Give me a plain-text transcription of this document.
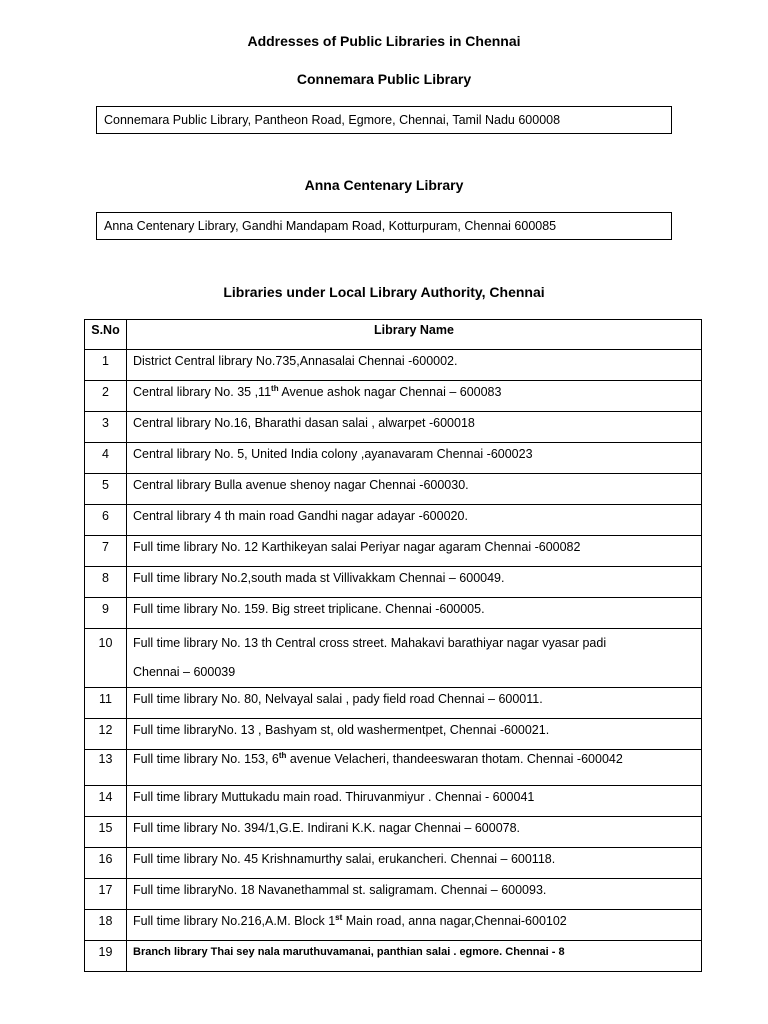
Addresses of Public Libraries in Chennai
Connemara Public Library
Connemara Public Library, Pantheon Road, Egmore, Chennai, Tamil Nadu 600008
Anna Centenary Library
Anna Centenary Library, Gandhi Mandapam Road, Kotturpuram, Chennai 600085
Libraries under Local Library Authority, Chennai
S.No	Library Name
1	District Central library No.735,Annasalai Chennai -600002.
2	Central library No. 35 ,11th Avenue ashok nagar Chennai – 600083
3	Central library No.16, Bharathi dasan salai , alwarpet -600018
4	Central library No. 5, United India colony ,ayanavaram Chennai -600023
5	Central library Bulla avenue shenoy nagar Chennai -600030.
6	Central library 4 th main road Gandhi nagar adayar -600020.
7	Full time library No. 12 Karthikeyan salai Periyar nagar agaram Chennai -600082
8	Full time library No.2,south mada st Villivakkam Chennai – 600049.
9	Full time library No. 159. Big street triplicane. Chennai -600005.
10	Full time library No. 13 th Central cross street. Mahakavi barathiyar nagar vyasar padi
Chennai – 600039

11	Full time library No. 80, Nelvayal salai , pady field road Chennai – 600011.
12	Full time libraryNo. 13 , Bashyam st, old washermentpet, Chennai -600021.
13	Full time library No. 153, 6th avenue Velacheri, thandeeswaran thotam. Chennai -600042
14	Full time library Muttukadu main road. Thiruvanmiyur . Chennai - 600041
15	Full time library No. 394/1,G.E. Indirani K.K. nagar Chennai – 600078.
16	Full time library No. 45 Krishnamurthy salai, erukancheri. Chennai – 600118.
17	Full time libraryNo. 18 Navanethammal st. saligramam. Chennai – 600093.
18	Full time library No.216,A.M. Block 1st Main road, anna nagar,Chennai-600102
19	Branch library Thai sey nala maruthuvamanai, panthian salai . egmore. Chennai - 8
